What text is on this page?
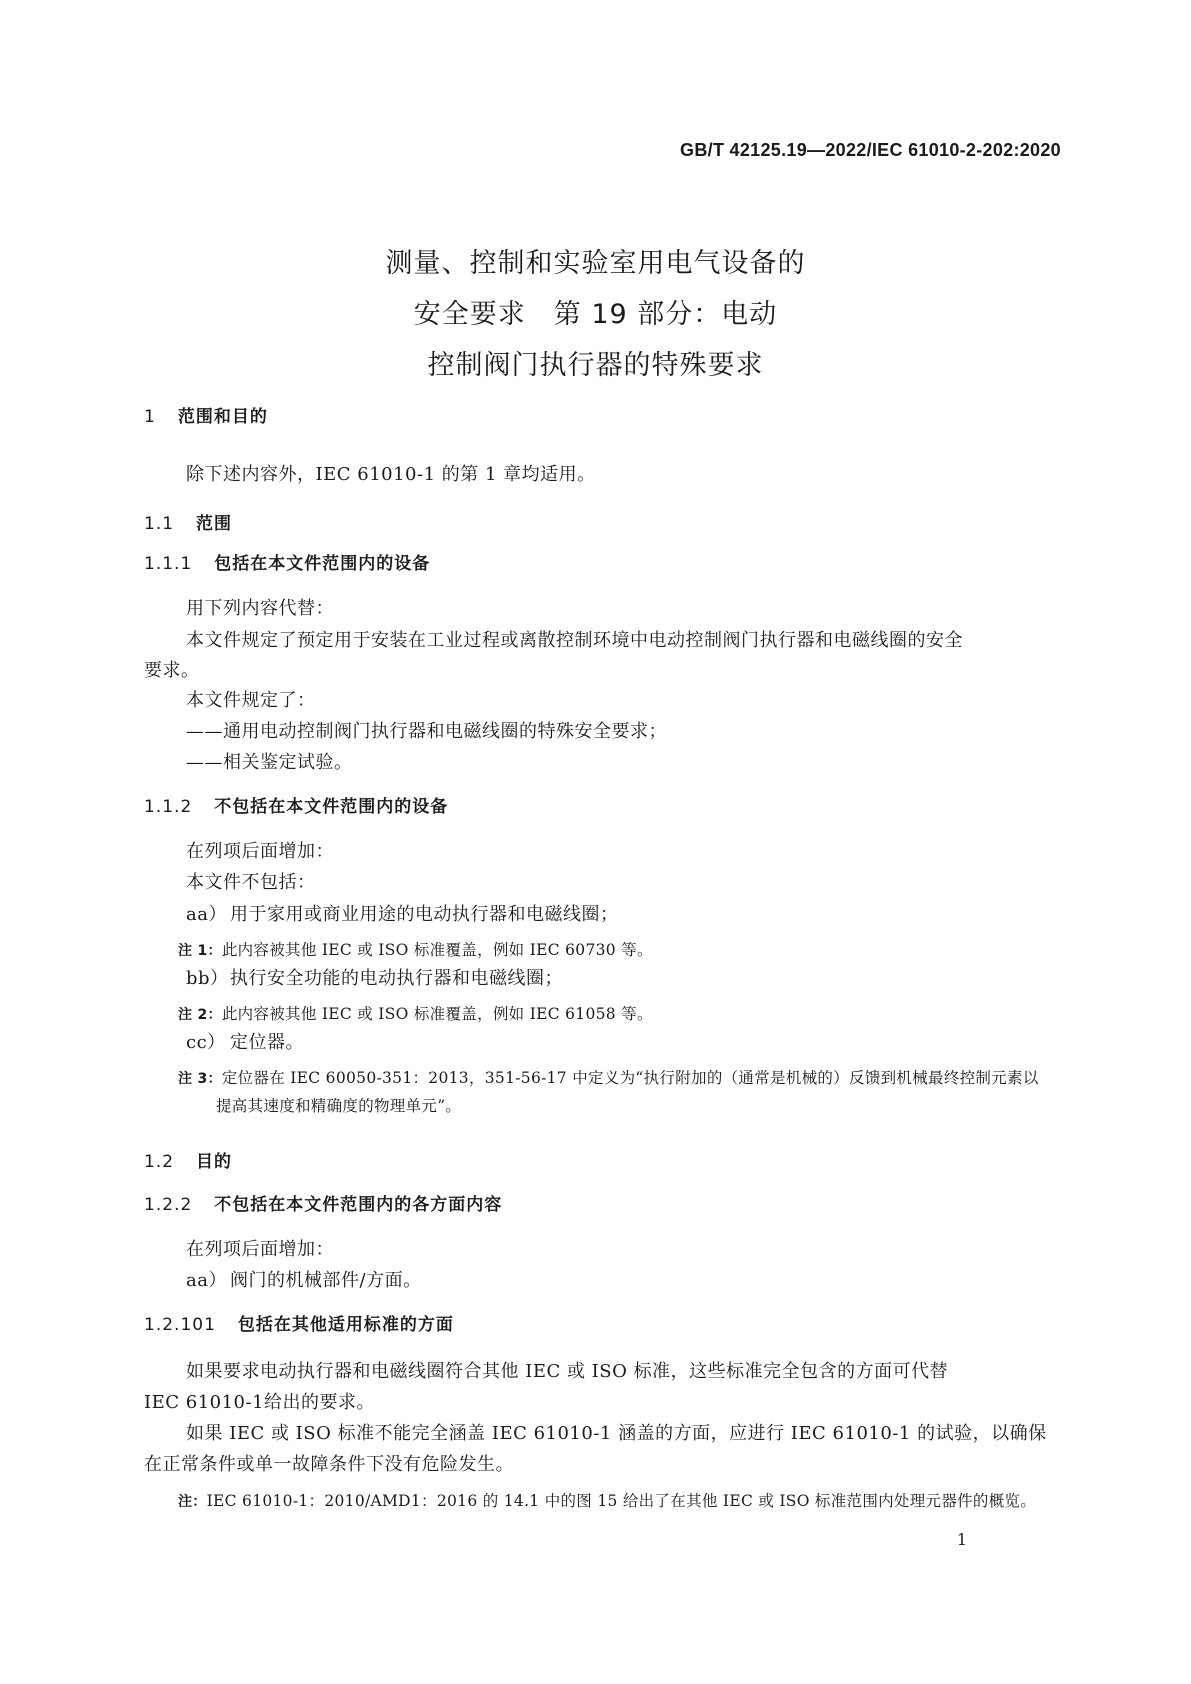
GB/T 42125.19—2022/IEC 61010-2-202:2020
测量、控制和实验室用电气设备的
安全要求　第 19 部分：电动
控制阀门执行器的特殊要求
1 范围和目的
除下述内容外，IEC 61010-1 的第 1 章均适用。
1.1 范围
1.1.1 包括在本文件范围内的设备
用下列内容代替：
本文件规定了预定用于安装在工业过程或离散控制环境中电动控制阀门执行器和电磁线圈的安全
要求。
本文件规定了：
——通用电动控制阀门执行器和电磁线圈的特殊安全要求；
——相关鉴定试验。
1.1.2 不包括在本文件范围内的设备
在列项后面增加：
本文件不包括：
aa） 用于家用或商业用途的电动执行器和电磁线圈；
注 1：此内容被其他 IEC 或 ISO 标准覆盖，例如 IEC 60730 等。
bb）执行安全功能的电动执行器和电磁线圈；
注 2：此内容被其他 IEC 或 ISO 标准覆盖，例如 IEC 61058 等。
cc） 定位器。
注 3：定位器在 IEC 60050-351：2013，351-56-17 中定义为“执行附加的（通常是机械的）反馈到机械最终控制元素以
提高其速度和精确度的物理单元”。
1.2 目的
1.2.2 不包括在本文件范围内的各方面内容
在列项后面增加：
aa） 阀门的机械部件/方面。
1.2.101 包括在其他适用标准的方面
如果要求电动执行器和电磁线圈符合其他 IEC 或 ISO 标准，这些标准完全包含的方面可代替
IEC 61010-1给出的要求。
如果 IEC 或 ISO 标准不能完全涵盖 IEC 61010-1 涵盖的方面，应进行 IEC 61010-1 的试验，以确保
在正常条件或单一故障条件下没有危险发生。
注：IEC 61010-1：2010/AMD1：2016 的 14.1 中的图 15 给出了在其他 IEC 或 ISO 标准范围内处理元器件的概览。
1
